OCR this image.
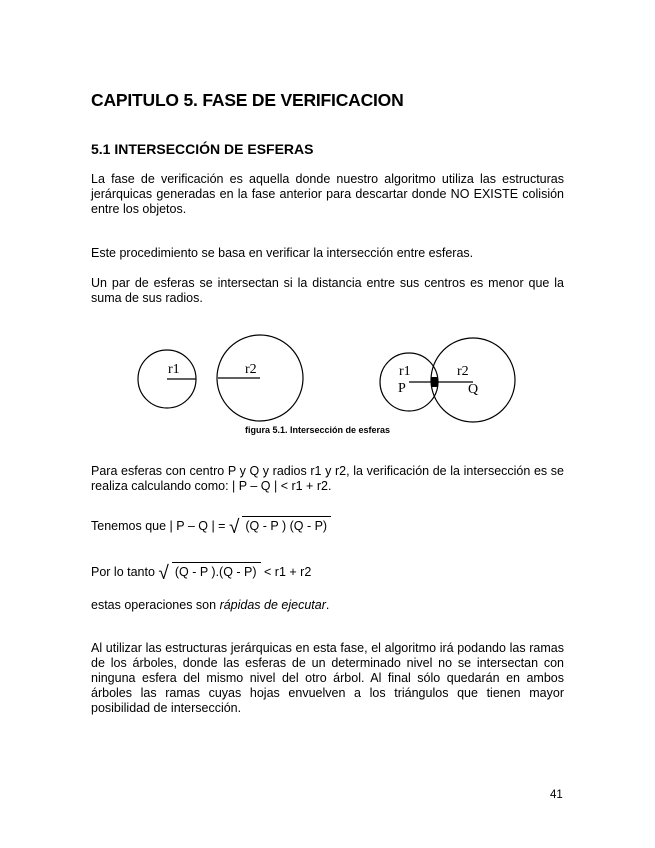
CAPITULO 5. FASE DE VERIFICACION
5.1 INTERSECCIÓN DE ESFERAS
La fase de verificación es aquella donde nuestro algoritmo utiliza las estructuras jerárquicas generadas en la fase anterior para descartar donde NO EXISTE colisión entre los objetos.
Este procedimiento se basa en verificar la intersección entre esferas.
Un par de esferas se intersectan si la distancia entre sus centros es menor que la suma de sus radios.
r1	r2	r1	r2
P	Q
figura 5.1. Intersección de esferas
Para esferas con centro P y Q y radios r1 y r2, la verificación de la intersección es se realiza calculando como: | P – Q | < r1 + r2.
Tenemos que | P – Q | = √ (Q - P ) (Q - P)
Por lo tanto √ (Q - P ).(Q - P) < r1 + r2
estas operaciones son rápidas de ejecutar.
Al utilizar las estructuras jerárquicas en esta fase, el algoritmo irá podando las ramas de los árboles, donde las esferas de un determinado nivel no se intersectan con ninguna esfera del mismo nivel del otro árbol. Al final sólo quedarán en ambos árboles las ramas cuyas hojas envuelven a los triángulos que tienen mayor posibilidad de intersección.
41
